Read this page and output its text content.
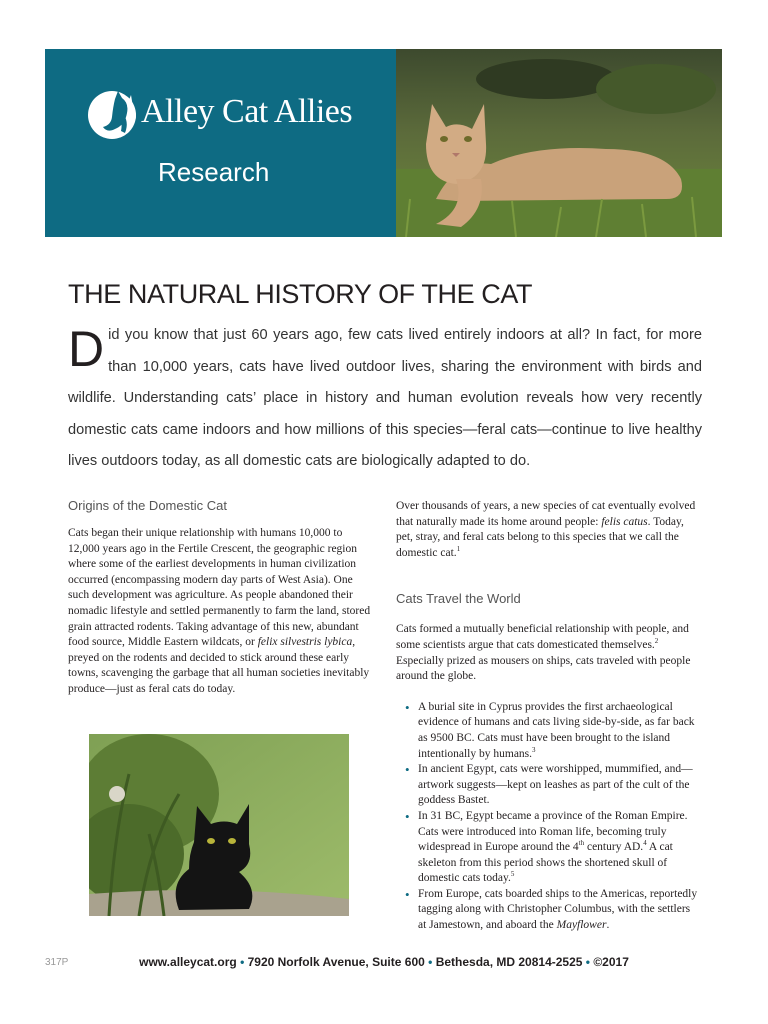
Alley Cat Allies
Research
THE NATURAL HISTORY OF THE CAT

Did you know that just 60 years ago, few cats lived entirely indoors at all? In fact, for more than 10,000 years, cats have lived outdoor lives, sharing the environment with birds and wildlife. Understanding cats’ place in history and human evolution reveals how very recently domestic cats came indoors and how millions of this species—feral cats—continue to live healthy lives outdoors today, as all domestic cats are biologically adapted to do.

Origins of the Domestic Cat

Cats began their unique relationship with humans 10,000 to 12,000 years ago in the Fertile Crescent, the geographic region where some of the earliest developments in human civilization occurred (encompassing modern day parts of West Asia). One such development was agriculture. As people abandoned their nomadic lifestyle and settled permanently to farm the land, stored grain attracted rodents. Taking advantage of this new, abundant food source, Middle Eastern wildcats, or felix silvestris lybica, preyed on the rodents and decided to stick around these early towns, scavenging the garbage that all human societies inevitably produce—just as feral cats do today.

Over thousands of years, a new species of cat eventually evolved that naturally made its home around people: felis catus. Today, pet, stray, and feral cats belong to this species that we call the domestic cat.$^1$

Cats Travel the World

Cats formed a mutually beneficial relationship with people, and some scientists argue that cats domesticated themselves.$^2$ Especially prized as mousers on ships, cats traveled with people around the globe.

• A burial site in Cyprus provides the first archaeological evidence of humans and cats living side-by-side, as far back as 9500 BC. Cats must have been brought to the island intentionally by humans.$^3$
• In ancient Egypt, cats were worshipped, mummified, and—artwork suggests—kept on leashes as part of the cult of the goddess Bastet.
• In 31 BC, Egypt became a province of the Roman Empire. Cats were introduced into Roman life, becoming truly widespread in Europe around the 4th century AD.$^4$ A cat skeleton from this period shows the shortened skull of domestic cats today.$^5$
• From Europe, cats boarded ships to the Americas, reportedly tagging along with Christopher Columbus, with the settlers at Jamestown, and aboard the Mayflower.
317P	www.alleycat.org • 7920 Norfolk Avenue, Suite 600 • Bethesda, MD 20814-2525 • ©2017
